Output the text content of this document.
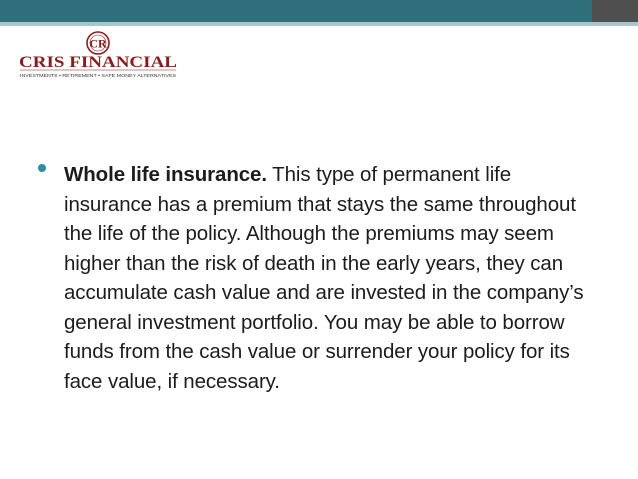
CR
CRIS FINANCIAL
INVESTMENTS • RETIREMENT • SAFE MONEY ALTERNATIVES
Whole life insurance. This type of permanent life insurance has a premium that stays the same throughout the life of the policy. Although the premiums may seem higher than the risk of death in the early years, they can accumulate cash value and are invested in the company’s general investment portfolio. You may be able to borrow funds from the cash value or surrender your policy for its face value, if necessary.
